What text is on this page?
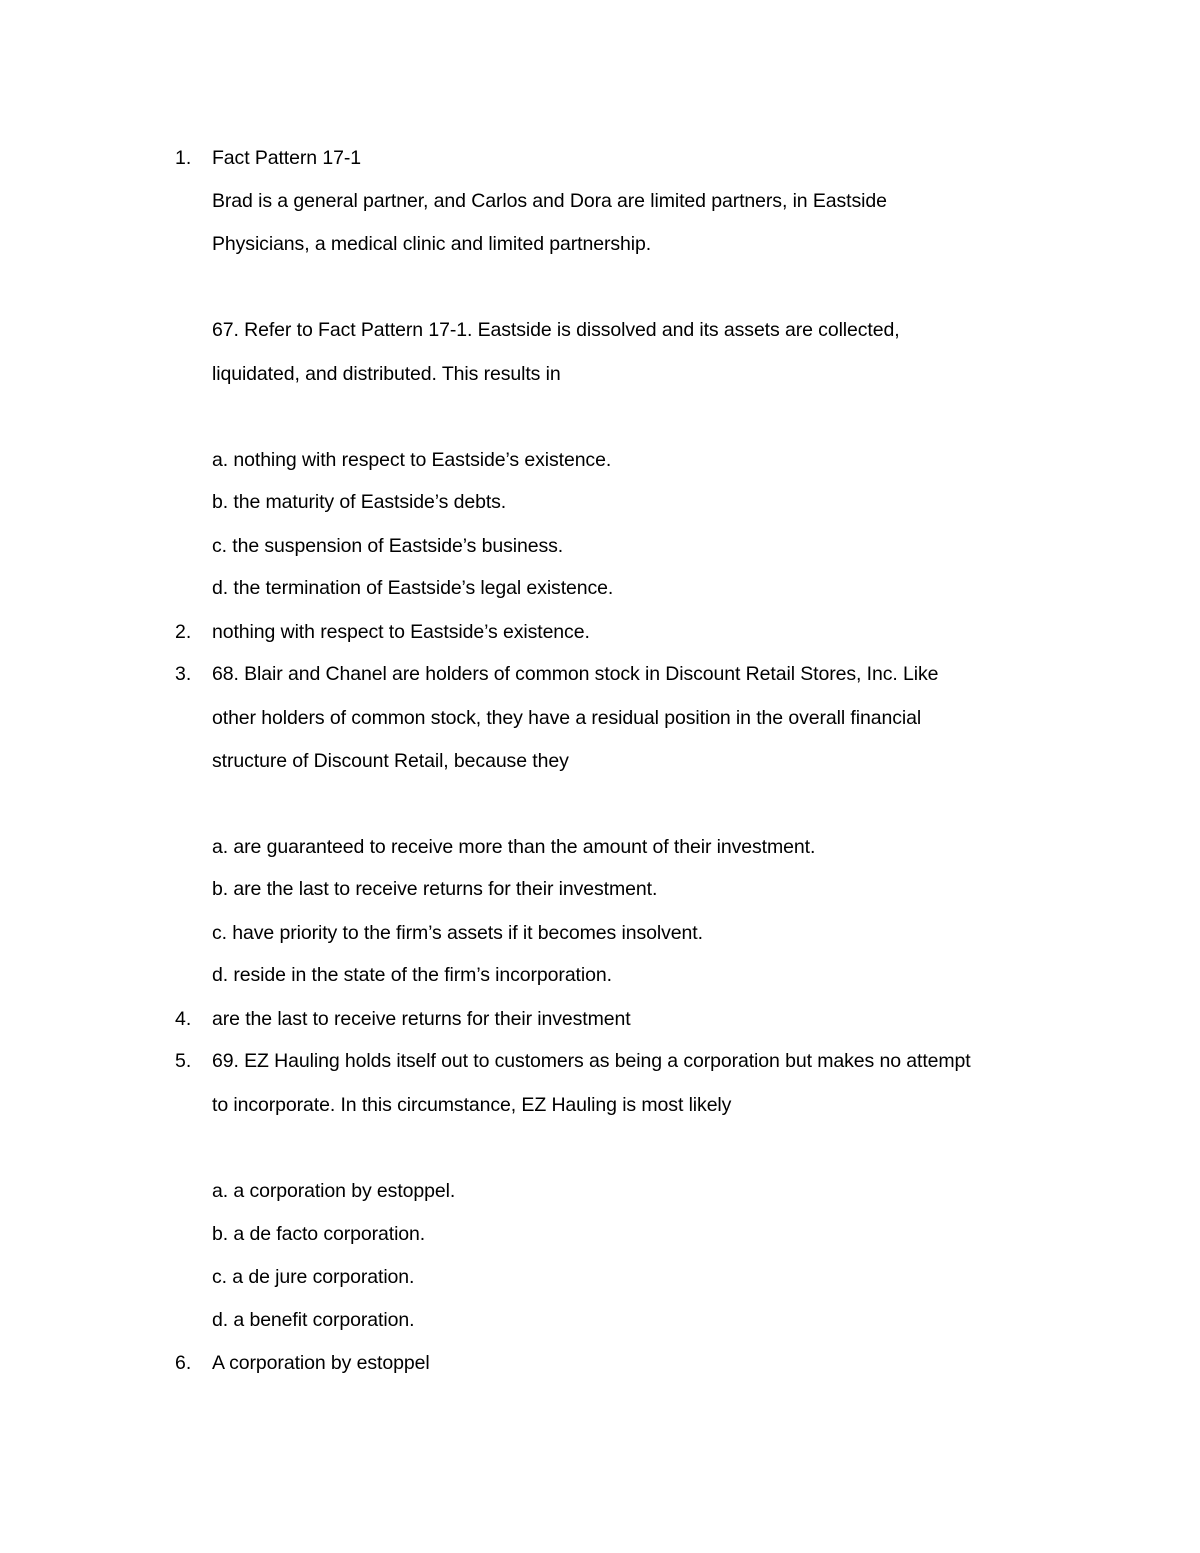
1. Fact Pattern 17-1
Brad is a general partner, and Carlos and Dora are limited partners, in Eastside
Physicians, a medical clinic and limited partnership.
67. Refer to Fact Pattern 17-1. Eastside is dissolved and its assets are collected,
liquidated, and distributed. This results in
a. nothing with respect to Eastside’s existence.
b. the maturity of Eastside’s debts.
c. the suspension of Eastside’s business.
d. the termination of Eastside’s legal existence.
2. nothing with respect to Eastside’s existence.
3. 68. Blair and Chanel are holders of common stock in Discount Retail Stores, Inc. Like
other holders of common stock, they have a residual position in the overall financial
structure of Discount Retail, because they
a. are guaranteed to receive more than the amount of their investment.
b. are the last to receive returns for their investment.
c. have priority to the firm’s assets if it becomes insolvent.
d. reside in the state of the firm’s incorporation.
4. are the last to receive returns for their investment
5. 69. EZ Hauling holds itself out to customers as being a corporation but makes no attempt
to incorporate. In this circumstance, EZ Hauling is most likely
a. a corporation by estoppel.
b. a de facto corporation.
c. a de jure corporation.
d. a benefit corporation.
6. A corporation by estoppel
